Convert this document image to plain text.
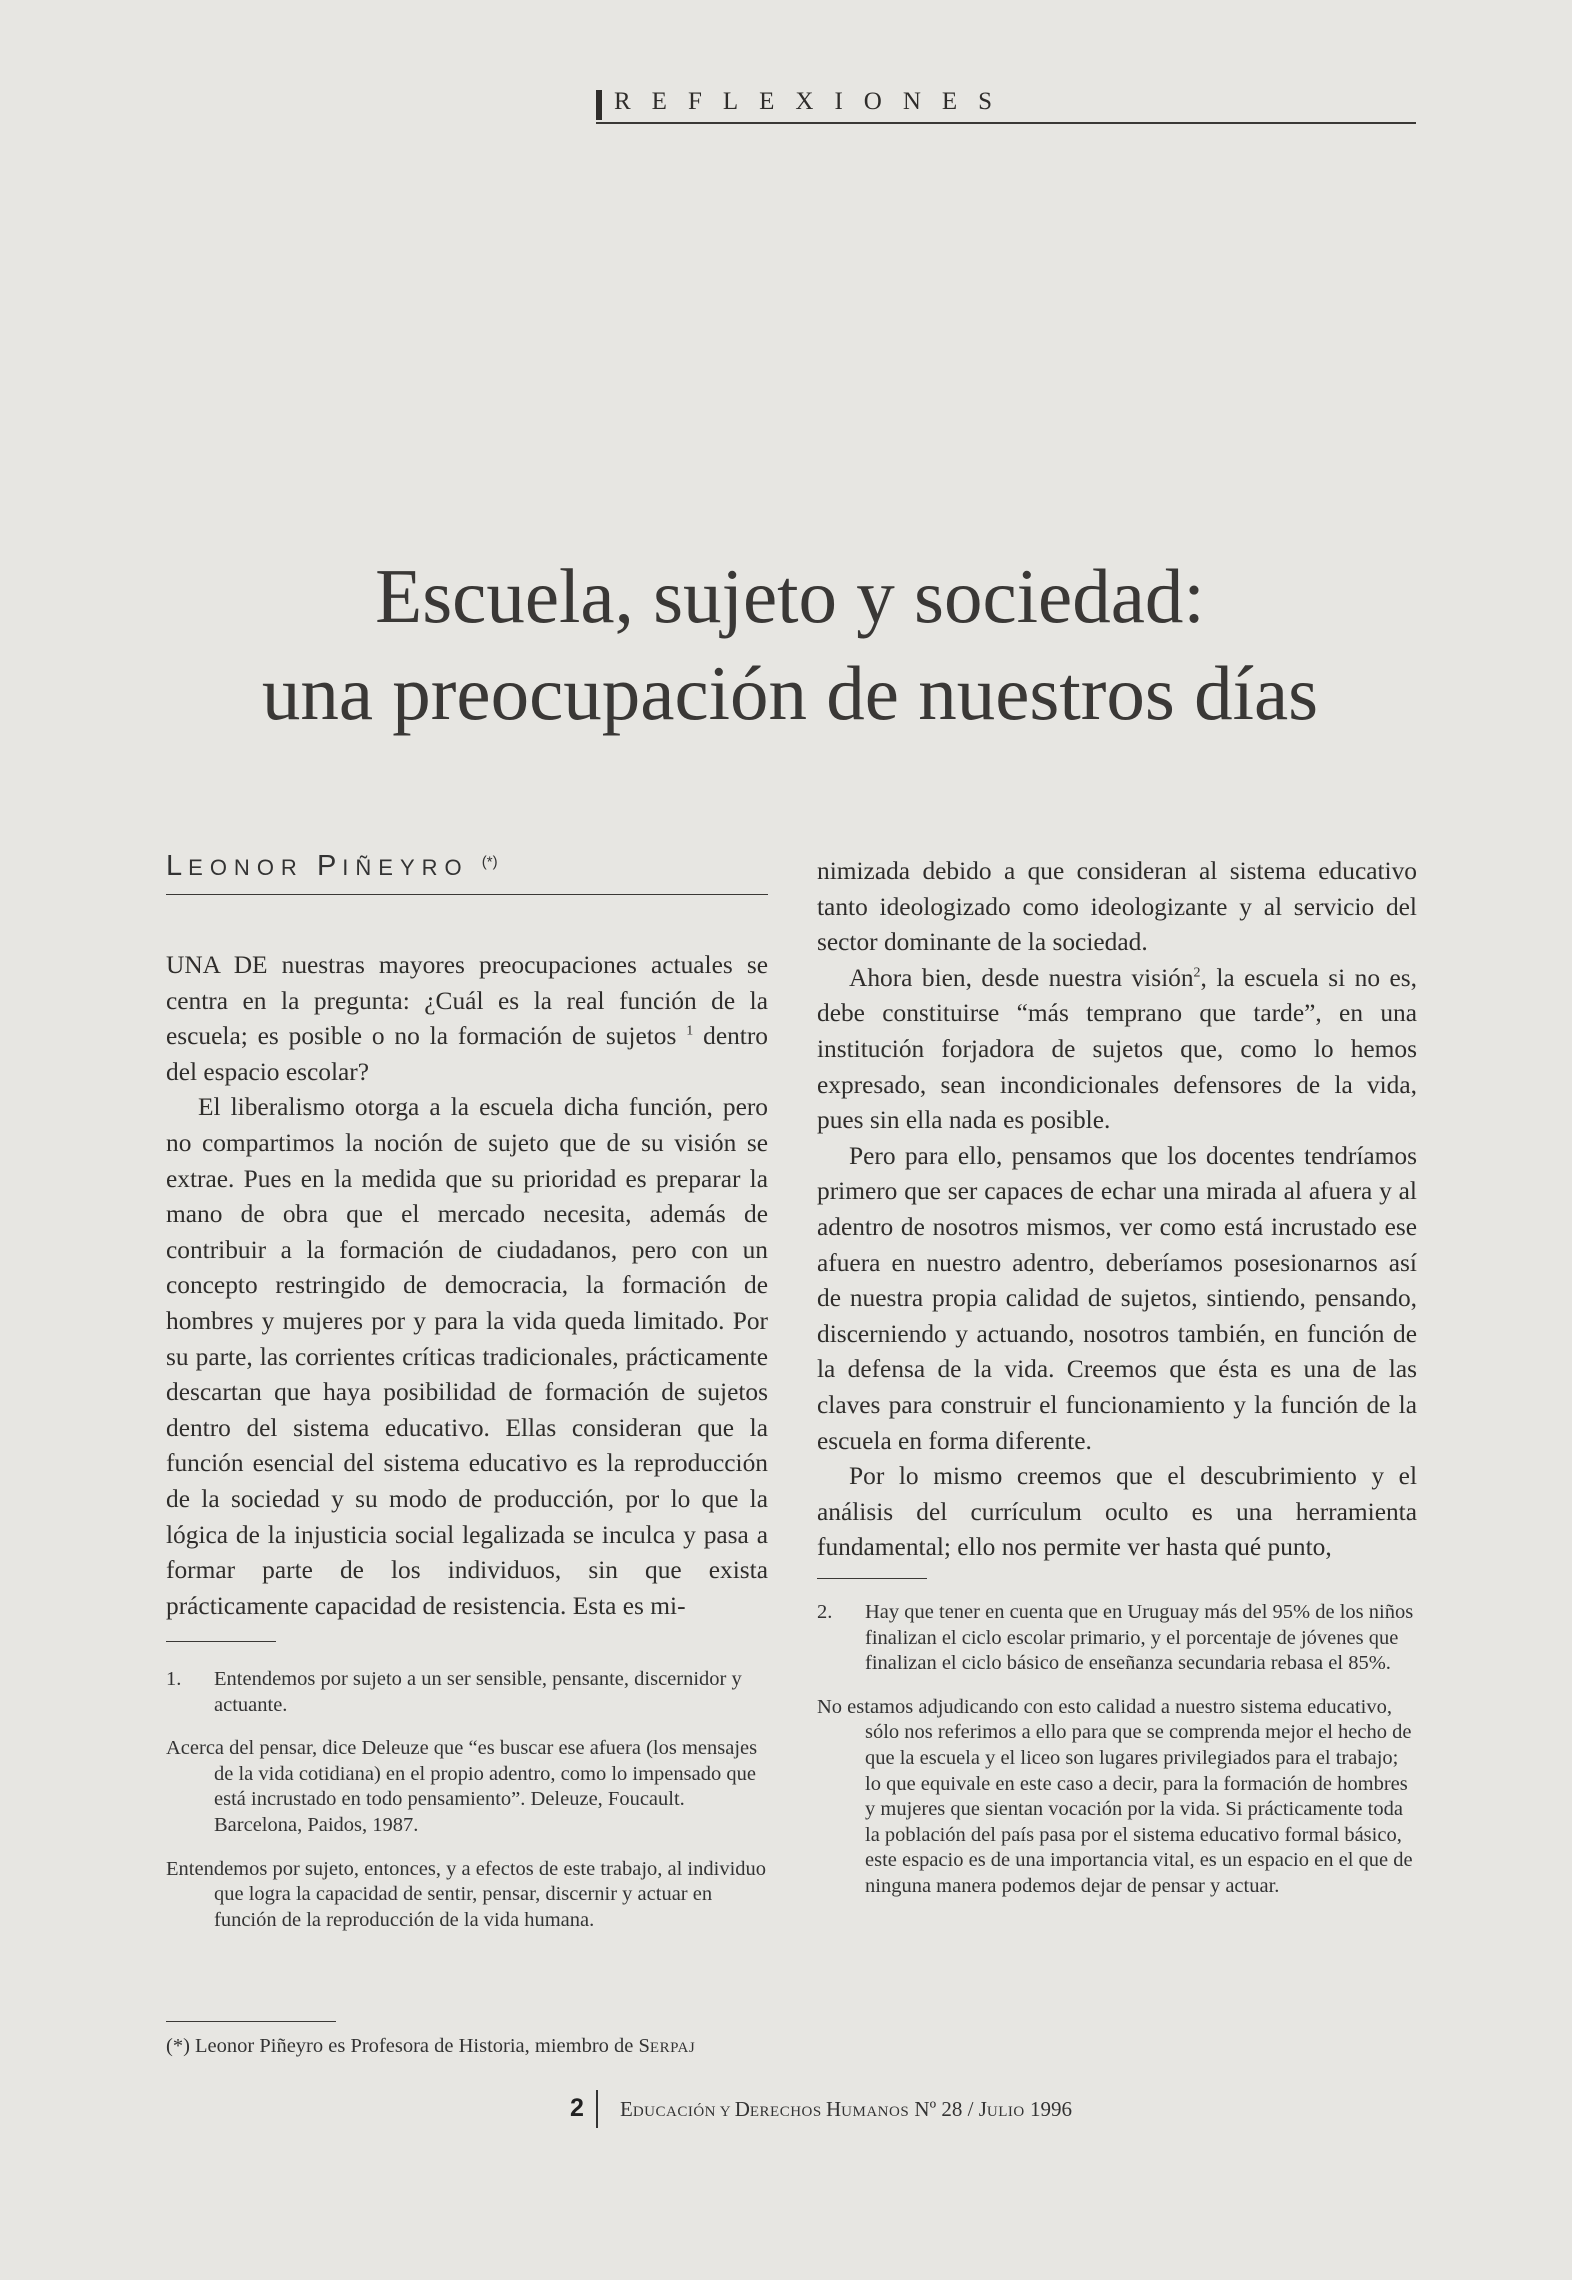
REFLEXIONES
Escuela, sujeto y sociedad:
una preocupación de nuestros días
LEONOR PIÑEYRO (*)

UNA DE nuestras mayores preocupaciones actuales se centra en la pregunta: ¿Cuál es la real función de la escuela; es posible o no la formación de sujetos $^1$ dentro del espacio escolar?

El liberalismo otorga a la escuela dicha función, pero no compartimos la noción de sujeto que de su visión se extrae. Pues en la medida que su prioridad es preparar la mano de obra que el mercado necesita, además de contribuir a la formación de ciudadanos, pero con un concepto restringido de democracia, la formación de hombres y mujeres por y para la vida queda limitado. Por su parte, las corrientes críticas tradicionales, prácticamente descartan que haya posibilidad de formación de sujetos dentro del sistema educativo. Ellas consideran que la función esencial del sistema educativo es la reproducción de la sociedad y su modo de producción, por lo que la lógica de la injusticia social legalizada se inculca y pasa a formar parte de los individuos, sin que exista prácticamente capacidad de resistencia. Esta es mi-

nimizada debido a que consideran al sistema educativo tanto ideologizado como ideologizante y al servicio del sector dominante de la sociedad.

Ahora bien, desde nuestra visión$^2$, la escuela si no es, debe constituirse “más temprano que tarde”, en una institución forjadora de sujetos que, como lo hemos expresado, sean incondicionales defensores de la vida, pues sin ella nada es posible.

Pero para ello, pensamos que los docentes tendríamos primero que ser capaces de echar una mirada al afuera y al adentro de nosotros mismos, ver como está incrustado ese afuera en nuestro adentro, deberíamos posesionarnos así de nuestra propia calidad de sujetos, sintiendo, pensando, discerniendo y actuando, nosotros también, en función de la defensa de la vida. Creemos que ésta es una de las claves para construir el funcionamiento y la función de la escuela en forma diferente.

Por lo mismo creemos que el descubrimiento y el análisis del currículum oculto es una herramienta fundamental; ello nos permite ver hasta qué punto,

1. Entendemos por sujeto a un ser sensible, pensante, discernidor y actuante.

Acerca del pensar, dice Deleuze que “es buscar ese afuera (los mensajes de la vida cotidiana) en el propio adentro, como lo impensado que está incrustado en todo pensamiento”. Deleuze, Foucault. Barcelona, Paidos, 1987.

Entendemos por sujeto, entonces, y a efectos de este trabajo, al individuo que logra la capacidad de sentir, pensar, discernir y actuar en función de la reproducción de la vida humana.

2. Hay que tener en cuenta que en Uruguay más del 95% de los niños finalizan el ciclo escolar primario, y el porcentaje de jóvenes que finalizan el ciclo básico de enseñanza secundaria rebasa el 85%.

No estamos adjudicando con esto calidad a nuestro sistema educativo, sólo nos referimos a ello para que se comprenda mejor el hecho de que la escuela y el liceo son lugares privilegiados para el trabajo; lo que equivale en este caso a decir, para la formación de hombres y mujeres que sientan vocación por la vida. Si prácticamente toda la población del país pasa por el sistema educativo formal básico, este espacio es de una importancia vital, es un espacio en el que de ninguna manera podemos dejar de pensar y actuar.

(*) Leonor Piñeyro es Profesora de Historia, miembro de SERPAJ
2 EDUCACIÓN Y DERECHOS HUMANOS Nº 28 / JULIO 1996
